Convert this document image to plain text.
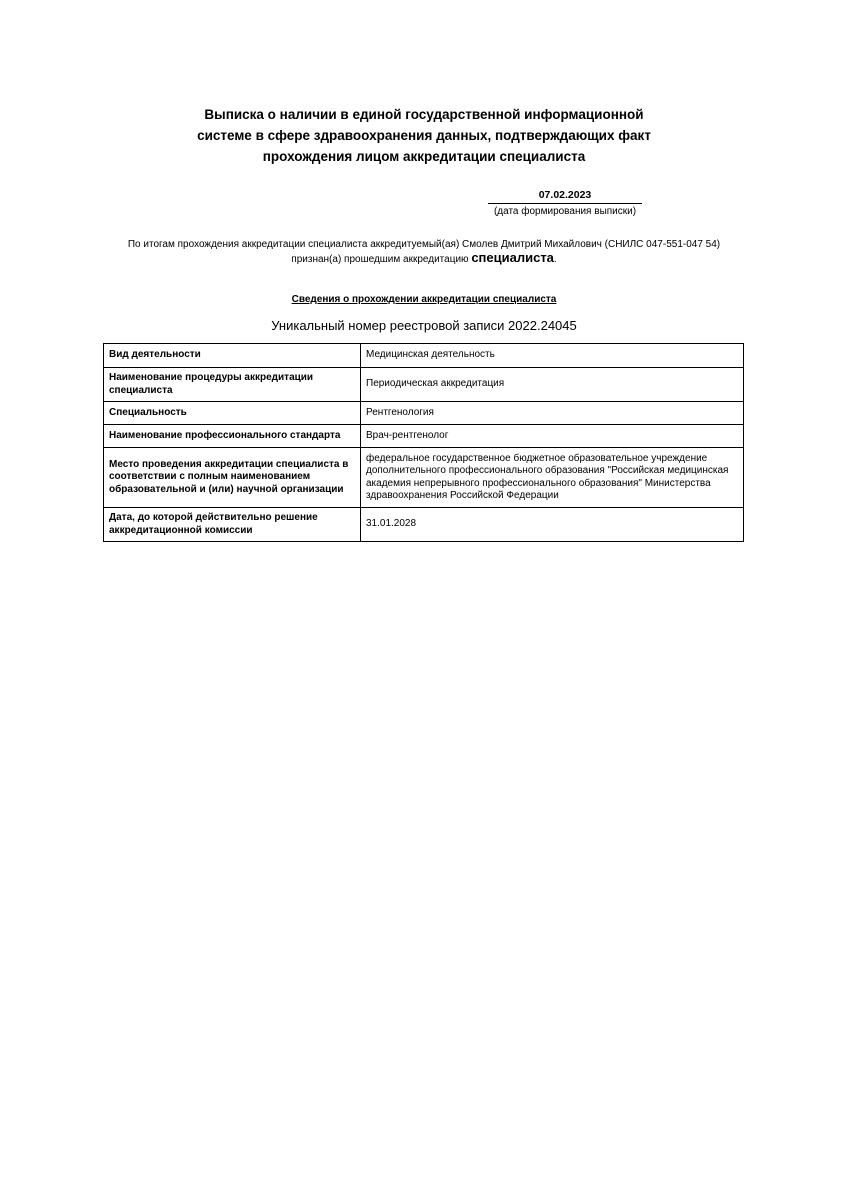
Выписка о наличии в единой государственной информационной
системе в сфере здравоохранения данных, подтверждающих факт
прохождения лицом аккредитации специалиста
07.02.2023
(дата формирования выписки)
По итогам прохождения аккредитации специалиста аккредитуемый(ая) Смолев Дмитрий Михайлович (СНИЛС 047-551-047 54)
признан(а) прошедшим аккредитацию специалиста.
Сведения о прохождении аккредитации специалиста
Уникальный номер реестровой записи 2022.24045
Вид деятельности	Медицинская деятельность
Наименование процедуры аккредитации специалиста	Периодическая аккредитация
Специальность	Рентгенология
Наименование профессионального стандарта	Врач-рентгенолог
Место проведения аккредитации специалиста в соответствии с полным наименованием образовательной и (или) научной организации	федеральное государственное бюджетное образовательное учреждение дополнительного профессионального образования "Российская медицинская академия непрерывного профессионального образования" Министерства здравоохранения Российской Федерации
Дата, до которой действительно решение аккредитационной комиссии	31.01.2028
